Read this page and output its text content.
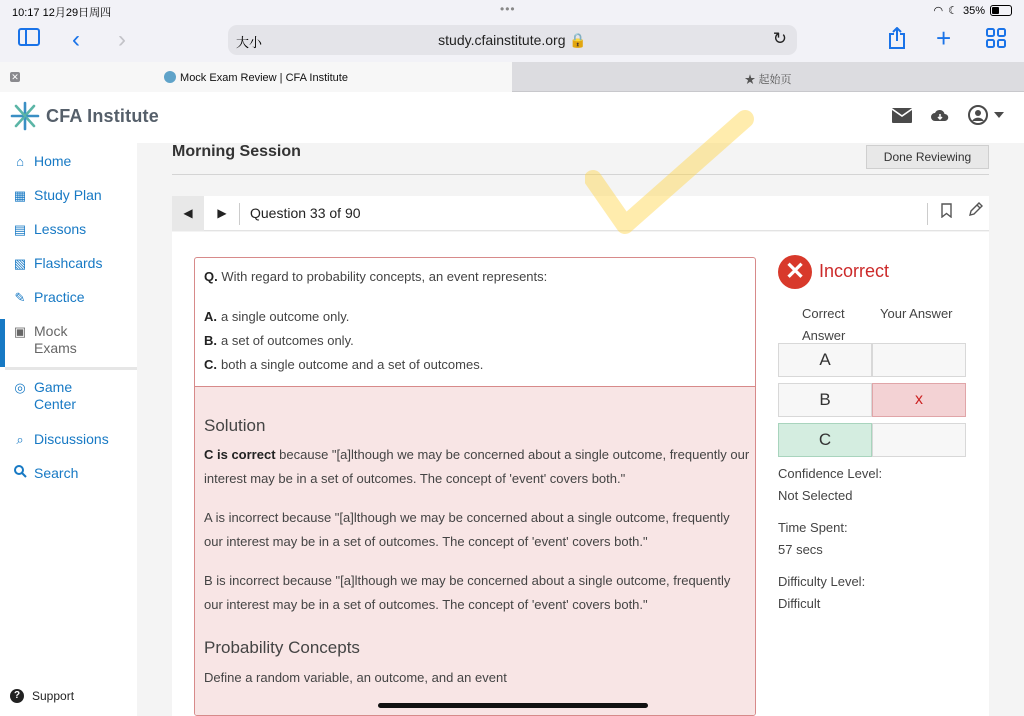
10:17 12月29日周四	•••	◠ ☾ 35%
‹ ›	大小	study.cfainstitute.org 🔒	↻	+
✕	Mock Exam Review | CFA Institute	★ 起始页
CFA Institute
⌂ Home
▦ Study Plan
▤ Lessons
▧ Flashcards
✎ Practice
▣ Mock
Exams
◎ Game
Center
⌕ Discussions
Search
? Support
Morning Session	Done Reviewing
◀	▶	Question 33 of 90
Q. With regard to probability concepts, an event represents:
A. a single outcome only.
B. a set of outcomes only.
C. both a single outcome and a set of outcomes.
Solution
C is correct because "[a]lthough we may be concerned about a single outcome, frequently our interest may be in a set of outcomes. The concept of 'event' covers both."
A is incorrect because "[a]lthough we may be concerned about a single outcome, frequently our interest may be in a set of outcomes. The concept of 'event' covers both."
B is incorrect because "[a]lthough we may be concerned about a single outcome, frequently our interest may be in a set of outcomes. The concept of 'event' covers both."
Probability Concepts
Define a random variable, an outcome, and an event
✕ Incorrect
Correct Answer
Your Answer
A
B	x
C
Confidence Level:
Not Selected
Time Spent:
57 secs
Difficulty Level:
Difficult
